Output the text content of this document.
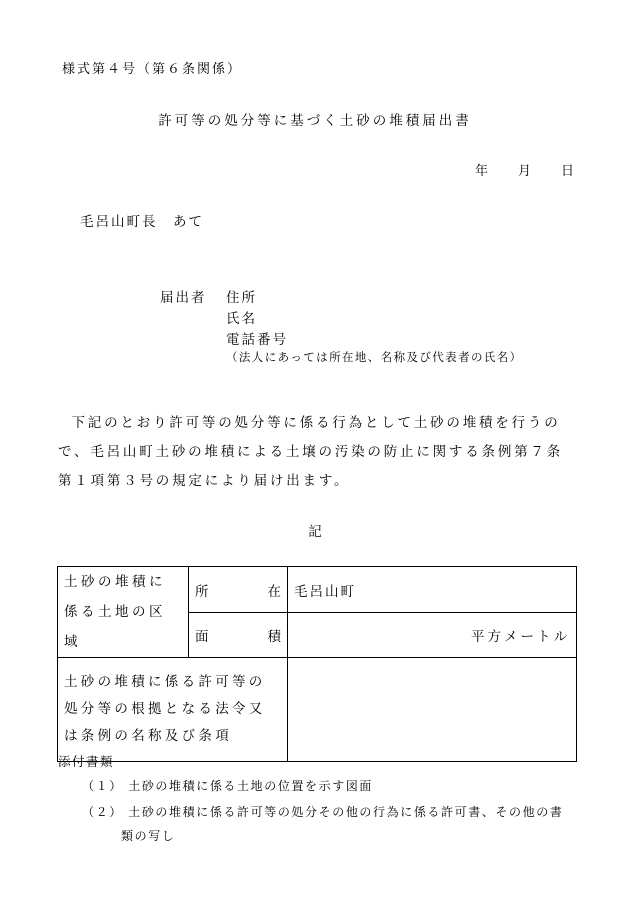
様式第４号（第６条関係）
許可等の処分等に基づく土砂の堆積届出書
年 月 日
毛呂山町長　あて
届出者 住所
氏名
電話番号
（法人にあっては所在地、名称及び代表者の氏名）
下記のとおり許可等の処分等に係る行為として土砂の堆積を行うので、毛呂山町土砂の堆積による土壌の汚染の防止に関する条例第７条第１項第３号の規定により届け出ます。
記
土砂の堆積に係る土地の区域	所 在	毛呂山町

	面 積	平方メートル
土砂の堆積に係る許可等の処分等の根拠となる法令又は条例の名称及び条項		
添付書類
（１） 土砂の堆積に係る土地の位置を示す図面
（２） 土砂の堆積に係る許可等の処分その他の行為に係る許可書、その他の書
類の写し
